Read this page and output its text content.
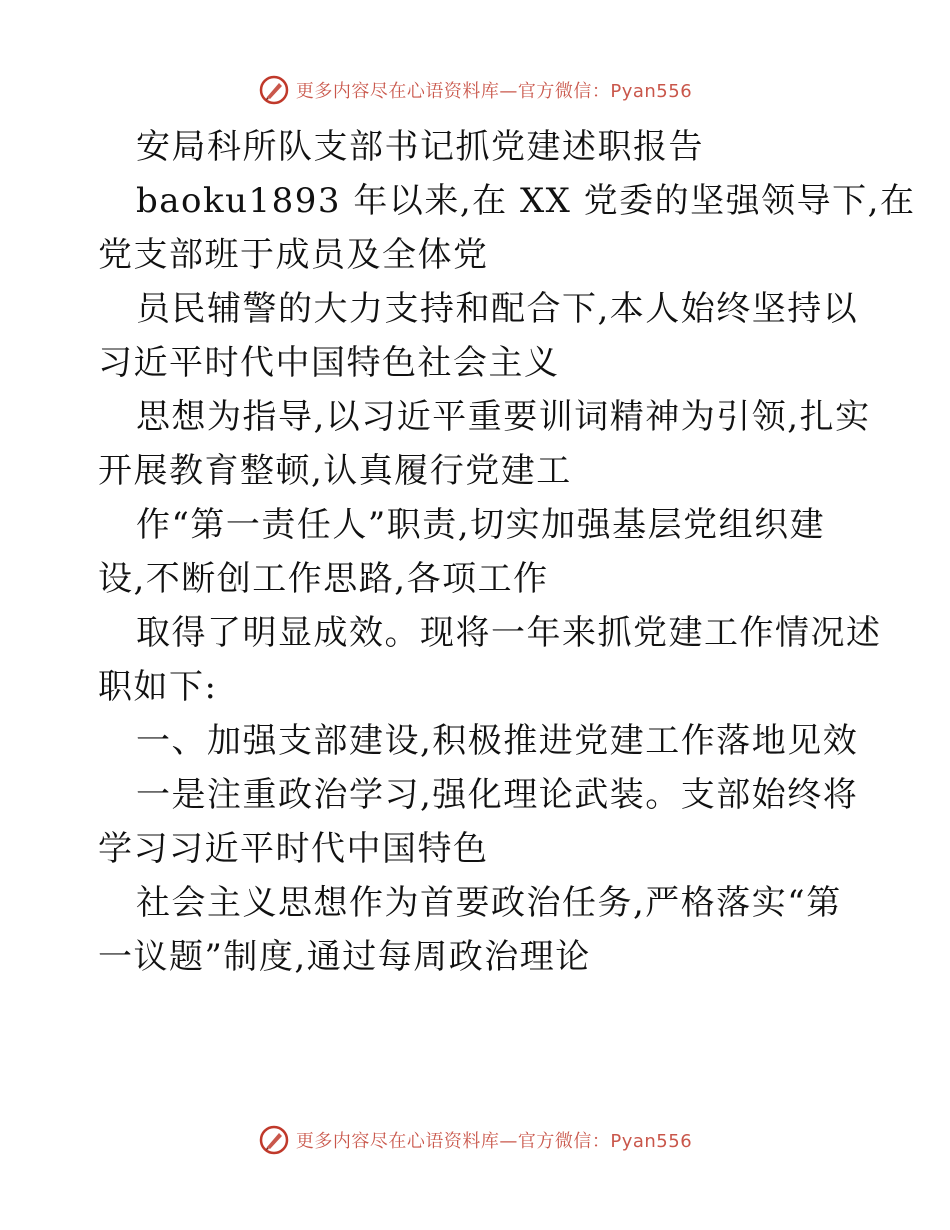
更多内容尽在心语资料库—官方微信：Pyan556
安局科所队支部书记抓党建述职报告
baoku1893 年以来,在 XX 党委的坚强领导下,在
党支部班于成员及全体党
员民辅警的大力支持和配合下,本人始终坚持以
习近平时代中国特色社会主义
思想为指导,以习近平重要训词精神为引领,扎实
开展教育整顿,认真履行党建工
作“第一责任人”职责,切实加强基层党组织建
设,不断创工作思路,各项工作
取得了明显成效。现将一年来抓党建工作情况述
职如下:
一、加强支部建设,积极推进党建工作落地见效
一是注重政治学习,强化理论武装。支部始终将
学习习近平时代中国特色
社会主义思想作为首要政治任务,严格落实“第
一议题”制度,通过每周政治理论
更多内容尽在心语资料库—官方微信：Pyan556
